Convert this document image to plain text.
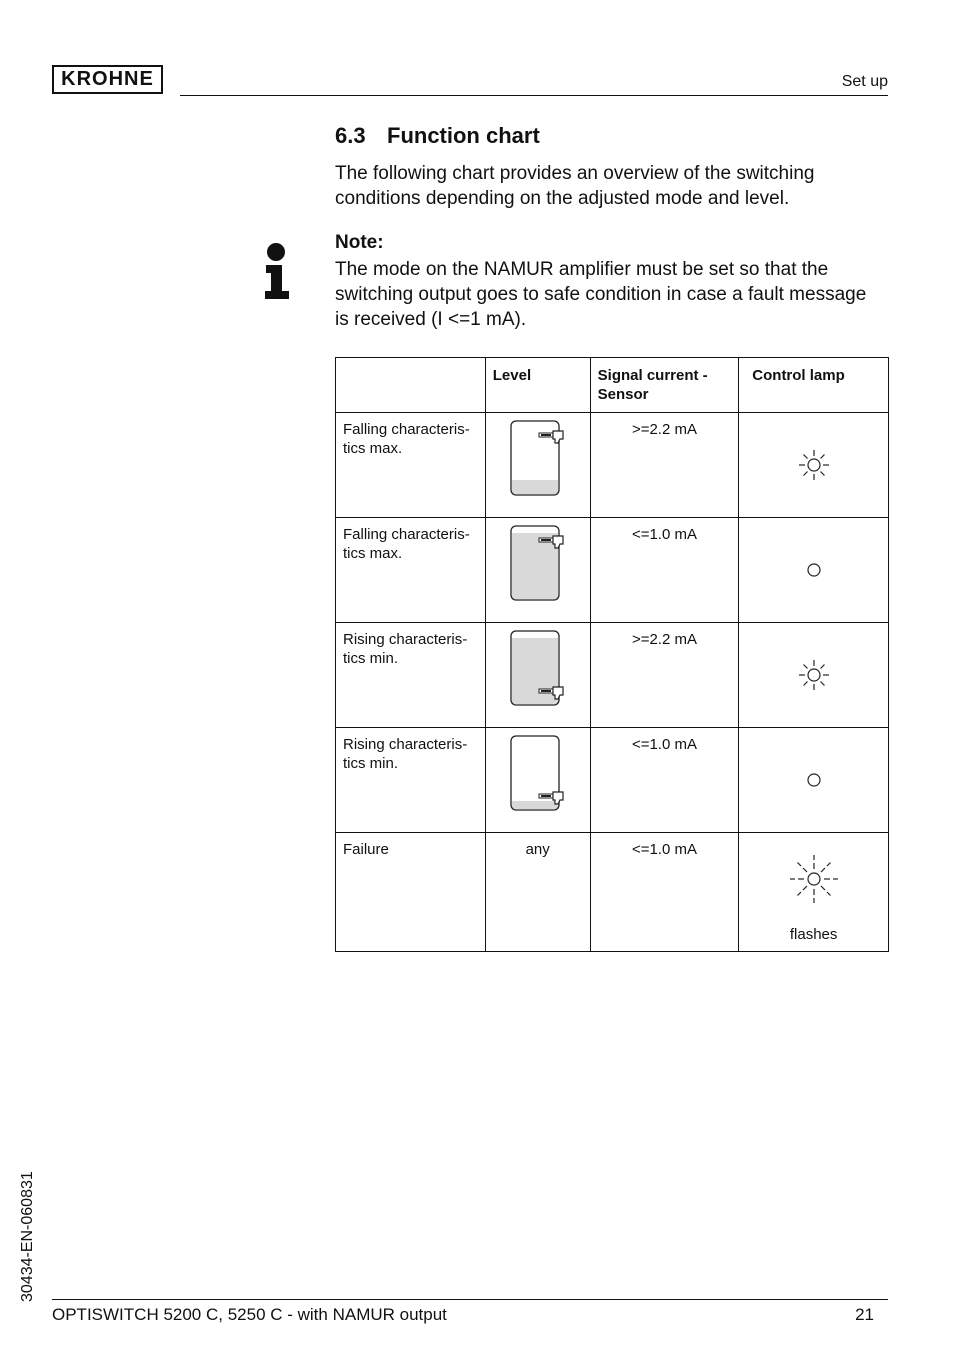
KROHNE	Set up
6.3 Function chart
The following chart provides an overview of the switching conditions depending on the adjusted mode and level.
Note:
The mode on the NAMUR amplifier must be set so that the switching output goes to safe condition in case a fault message is received (I <=1 mA).

	Level	Signal current - Sensor	Control lamp

Falling characteris-
tics max.		>=2.2 mA

Falling characteris-
tics max.		<=1.0 mA

Rising characteris-
tics min.		>=2.2 mA

Rising characteris-
tics min.		<=1.0 mA

Failure	any	<=1.0 mA	flashes
30434-EN-060831
OPTISWITCH 5200 C, 5250 C - with NAMUR output	21
